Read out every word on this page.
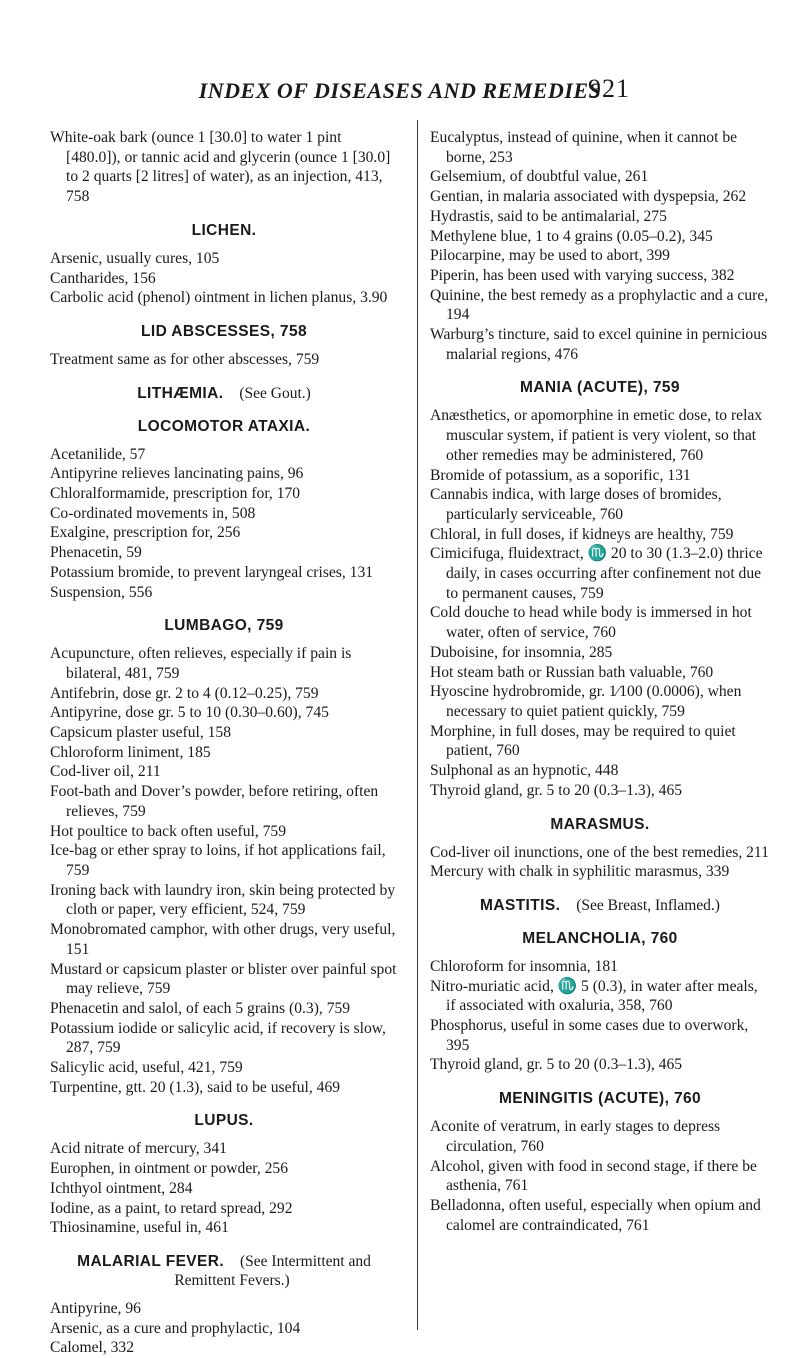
INDEX OF DISEASES AND REMEDIES
921
White-oak bark (ounce 1 [30.0] to water 1 pint [480.0]), or tannic acid and glycerin (ounce 1 [30.0] to 2 quarts [2 litres] of water), as an injection, 413, 758
LICHEN.
Arsenic, usually cures, 105
Cantharides, 156
Carbolic acid (phenol) ointment in lichen planus, 3.90
LID ABSCESSES, 758
Treatment same as for other abscesses, 759
LITHÆMIA.  (See Gout.)
LOCOMOTOR ATAXIA.
Acetanilide, 57
Antipyrine relieves lancinating pains, 96
Chloralformamide, prescription for, 170
Co-ordinated movements in, 508
Exalgine, prescription for, 256
Phenacetin, 59
Potassium bromide, to prevent laryngeal crises, 131
Suspension, 556
LUMBAGO, 759
Acupuncture, often relieves, especially if pain is bilateral, 481, 759
Antifebrin, dose gr. 2 to 4 (0.12–0.25), 759
Antipyrine, dose gr. 5 to 10 (0.30–0.60), 745
Capsicum plaster useful, 158
Chloroform liniment, 185
Cod-liver oil, 211
Foot-bath and Dover’s powder, before retiring, often relieves, 759
Hot poultice to back often useful, 759
Ice-bag or ether spray to loins, if hot applications fail, 759
Ironing back with laundry iron, skin being protected by cloth or paper, very efficient, 524, 759
Monobromated camphor, with other drugs, very useful, 151
Mustard or capsicum plaster or blister over painful spot may relieve, 759
Phenacetin and salol, of each 5 grains (0.3), 759
Potassium iodide or salicylic acid, if recovery is slow, 287, 759
Salicylic acid, useful, 421, 759
Turpentine, gtt. 20 (1.3), said to be useful, 469
LUPUS.
Acid nitrate of mercury, 341
Europhen, in ointment or powder, 256
Ichthyol ointment, 284
Iodine, as a paint, to retard spread, 292
Thiosinamine, useful in, 461
MALARIAL FEVER.  (See Intermittent and Remittent Fevers.)
Antipyrine, 96
Arsenic, as a cure and prophylactic, 104
Calomel, 332
Eucalyptus, instead of quinine, when it cannot be borne, 253
Gelsemium, of doubtful value, 261
Gentian, in malaria associated with dyspepsia, 262
Hydrastis, said to be antimalarial, 275
Methylene blue, 1 to 4 grains (0.05–0.2), 345
Pilocarpine, may be used to abort, 399
Piperin, has been used with varying success, 382
Quinine, the best remedy as a prophylactic and a cure, 194
Warburg’s tincture, said to excel quinine in pernicious malarial regions, 476
MANIA (ACUTE), 759
Anæsthetics, or apomorphine in emetic dose, to relax muscular system, if patient is very violent, so that other remedies may be administered, 760
Bromide of potassium, as a soporific, 131
Cannabis indica, with large doses of bromides, particularly serviceable, 760
Chloral, in full doses, if kidneys are healthy, 759
Cimicifuga, fluidextract, ♏ 20 to 30 (1.3–2.0) thrice daily, in cases occurring after confinement not due to permanent causes, 759
Cold douche to head while body is immersed in hot water, often of service, 760
Duboisine, for insomnia, 285
Hot steam bath or Russian bath valuable, 760
Hyoscine hydrobromide, gr. 1⁄100 (0.0006), when necessary to quiet patient quickly, 759
Morphine, in full doses, may be required to quiet patient, 760
Sulphonal as an hypnotic, 448
Thyroid gland, gr. 5 to 20 (0.3–1.3), 465
MARASMUS.
Cod-liver oil inunctions, one of the best remedies, 211
Mercury with chalk in syphilitic marasmus, 339
MASTITIS.  (See Breast, Inflamed.)
MELANCHOLIA, 760
Chloroform for insomnia, 181
Nitro-muriatic acid, ♏ 5 (0.3), in water after meals, if associated with oxaluria, 358, 760
Phosphorus, useful in some cases due to overwork, 395
Thyroid gland, gr. 5 to 20 (0.3–1.3), 465
MENINGITIS (ACUTE), 760
Aconite of veratrum, in early stages to depress circulation, 760
Alcohol, given with food in second stage, if there be asthenia, 761
Belladonna, often useful, especially when opium and calomel are contraindicated, 761
